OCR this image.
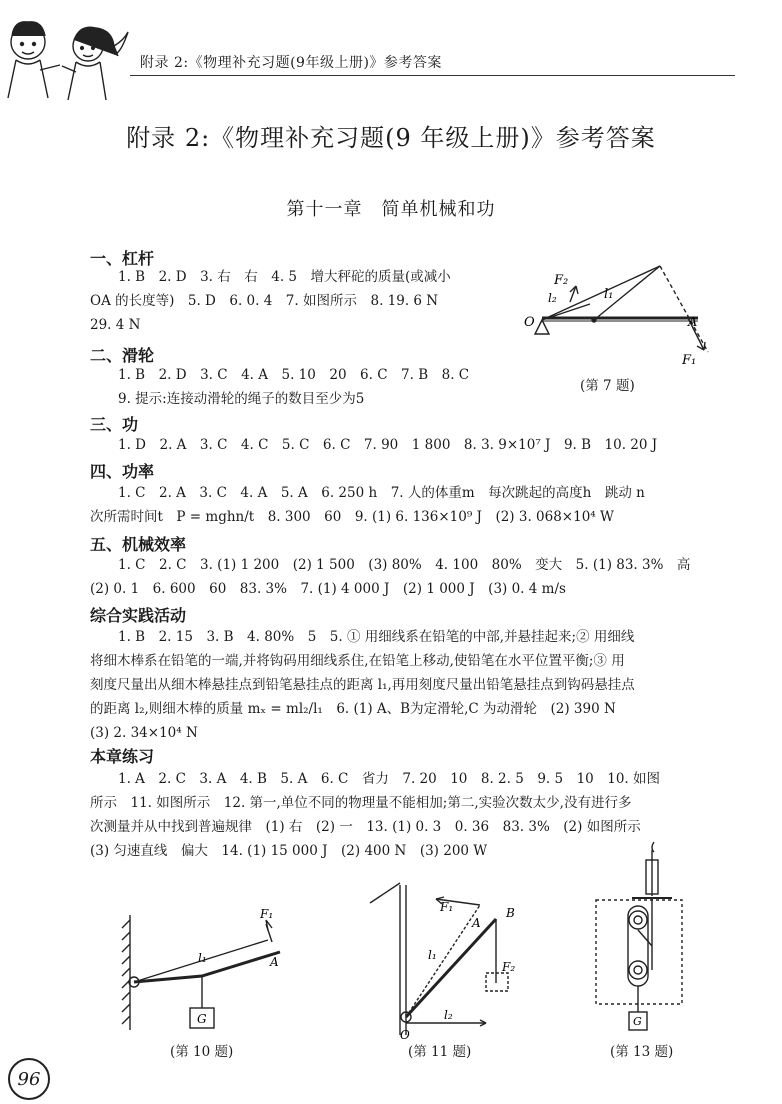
附录 2:《物理补充习题(9年级上册)》参考答案
附录 2:《物理补充习题(9 年级上册)》参考答案
第十一章　简单机械和功
一、杠杆
1. B　2. D　3. 右　右　4. 5　增大秤砣的质量(或减小
OA 的长度等)　5. D　6. 0. 4　7. 如图所示　8. 19. 6 N
29. 4 N
F₂
l₂	l₁
O	A
F₁
(第 7 题)
二、滑轮
1. B　2. D　3. C　4. A　5. 10　20　6. C　7. B　8. C
9. 提示:连接动滑轮的绳子的数目至少为5
三、功
1. D　2. A　3. C　4. C　5. C　6. C　7. 90　1 800　8. 3. 9×10⁷ J　9. B　10. 20 J
四、功率
1. C　2. A　3. C　4. A　5. A　6. 250 h　7. 人的体重m　每次跳起的高度h　跳动 n
次所需时间t　P = mghn/t　8. 300　60　9. (1) 6. 136×10⁹ J　(2) 3. 068×10⁴ W
五、机械效率
1. C　2. C　3. (1) 1 200　(2) 1 500　(3) 80%　4. 100　80%　变大　5. (1) 83. 3%　高
(2) 0. 1　6. 600　60　83. 3%　7. (1) 4 000 J　(2) 1 000 J　(3) 0. 4 m/s
综合实践活动
1. B　2. 15　3. B　4. 80%　5　5. ① 用细线系在铅笔的中部,并悬挂起来;② 用细线
将细木棒系在铅笔的一端,并将钩码用细线系住,在铅笔上移动,使铅笔在水平位置平衡;③ 用
刻度尺量出从细木棒悬挂点到铅笔悬挂点的距离 l₁,再用刻度尺量出铅笔悬挂点到钩码悬挂点
的距离 l₂,则细木棒的质量 mₓ = ml₂/l₁　6. (1) A、B为定滑轮,C 为动滑轮　(2) 390 N
(3) 2. 34×10⁴ N
本章练习
1. A　2. C　3. A　4. B　5. A　6. C　省力　7. 20　10　8. 2. 5　9. 5　10　10. 如图
所示　11. 如图所示　12. 第一,单位不同的物理量不能相加;第二,实验次数太少,没有进行多
次测量并从中找到普遍规律　(1) 右　(2) 一　13. (1) 0. 3　0. 36　83. 3%　(2) 如图所示
(3) 匀速直线　偏大　14. (1) 15 000 J　(2) 400 N　(3) 200 W
F₁
l₁	A
G
(第 10 题)
F₁
A
B
l₁
F₂
l₂
O
(第 11 题)
G
(第 13 题)
96
